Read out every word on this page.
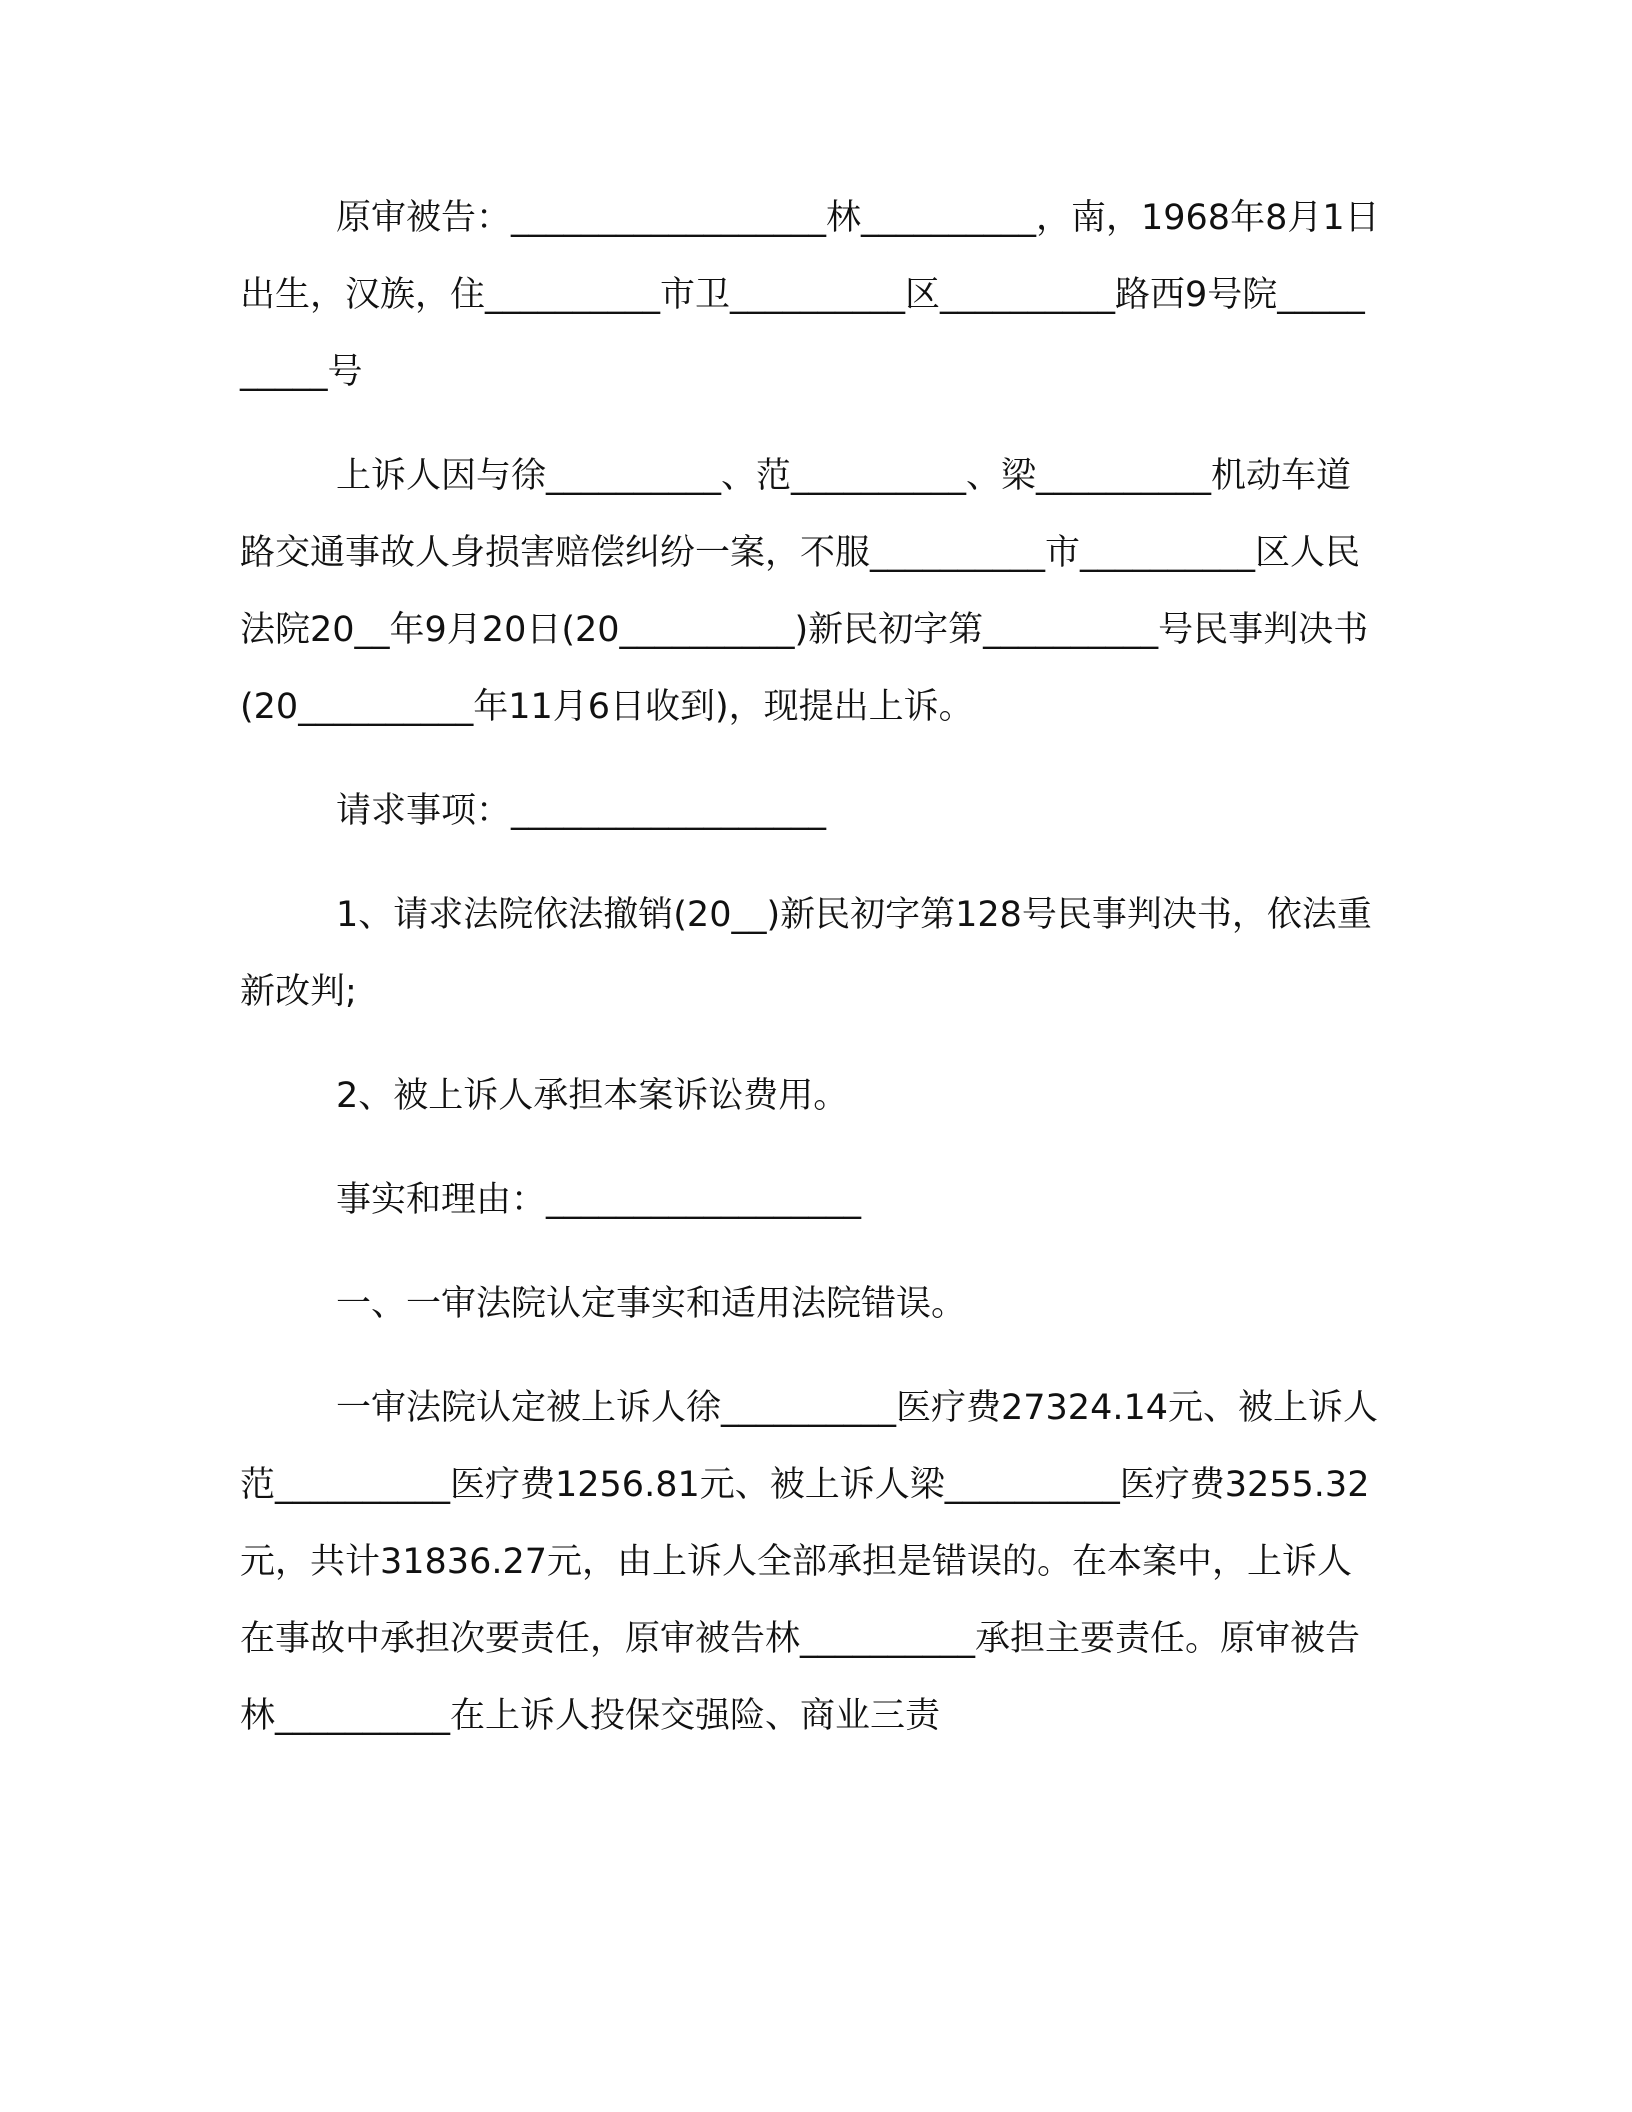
原审被告：__________________林__________，南，1968年8月1日出生，汉族，住__________市卫__________区__________路西9号院__________号

上诉人因与徐__________、范__________、梁__________机动车道路交通事故人身损害赔偿纠纷一案，不服__________市__________区人民法院20__年9月20日(20__________)新民初字第__________号民事判决书(20__________年11月6日收到)，现提出上诉。

请求事项：__________________

1、请求法院依法撤销(20__)新民初字第128号民事判决书，依法重新改判;

2、被上诉人承担本案诉讼费用。

事实和理由：__________________

一、一审法院认定事实和适用法院错误。

一审法院认定被上诉人徐__________医疗费27324.14元、被上诉人范__________医疗费1256.81元、被上诉人梁__________医疗费3255.32元，共计31836.27元，由上诉人全部承担是错误的。在本案中，上诉人在事故中承担次要责任，原审被告林__________承担主要责任。原审被告林__________在上诉人投保交强险、商业三责
